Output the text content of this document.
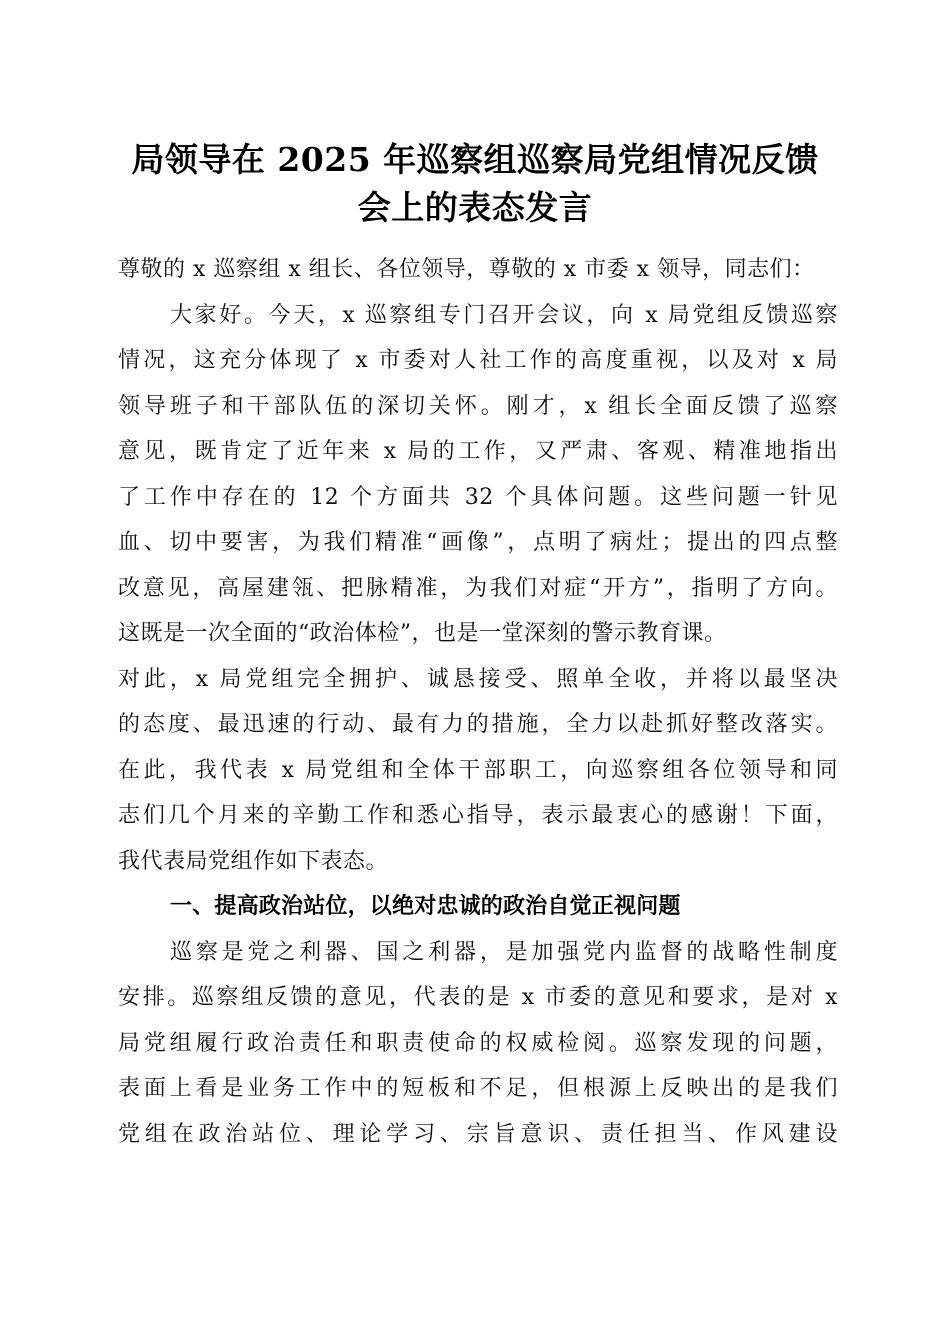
局领导在 2025 年巡察组巡察局党组情况反馈
会上的表态发言
尊敬的 x 巡察组 x 组长、各位领导，尊敬的 x 市委 x 领导，同志们：
大家好。今天，x 巡察组专门召开会议，向 x 局党组反馈巡察
情况，这充分体现了 x 市委对人社工作的高度重视，以及对 x 局
领导班子和干部队伍的深切关怀。刚才，x 组长全面反馈了巡察
意见，既肯定了近年来 x 局的工作，又严肃、客观、精准地指出
了工作中存在的 12 个方面共 32 个具体问题。这些问题一针见
血、切中要害，为我们精准“画像”，点明了病灶；提出的四点整
改意见，高屋建瓴、把脉精准，为我们对症“开方”，指明了方向。
这既是一次全面的“政治体检”，也是一堂深刻的警示教育课。
对此，x 局党组完全拥护、诚恳接受、照单全收，并将以最坚决
的态度、最迅速的行动、最有力的措施，全力以赴抓好整改落实。
在此，我代表 x 局党组和全体干部职工，向巡察组各位领导和同
志们几个月来的辛勤工作和悉心指导，表示最衷心的感谢！下面，
我代表局党组作如下表态。
一、提高政治站位，以绝对忠诚的政治自觉正视问题
巡察是党之利器、国之利器，是加强党内监督的战略性制度
安排。巡察组反馈的意见，代表的是 x 市委的意见和要求，是对 x
局党组履行政治责任和职责使命的权威检阅。巡察发现的问题，
表面上看是业务工作中的短板和不足，但根源上反映出的是我们
党组在政治站位、理论学习、宗旨意识、责任担当、作风建设
